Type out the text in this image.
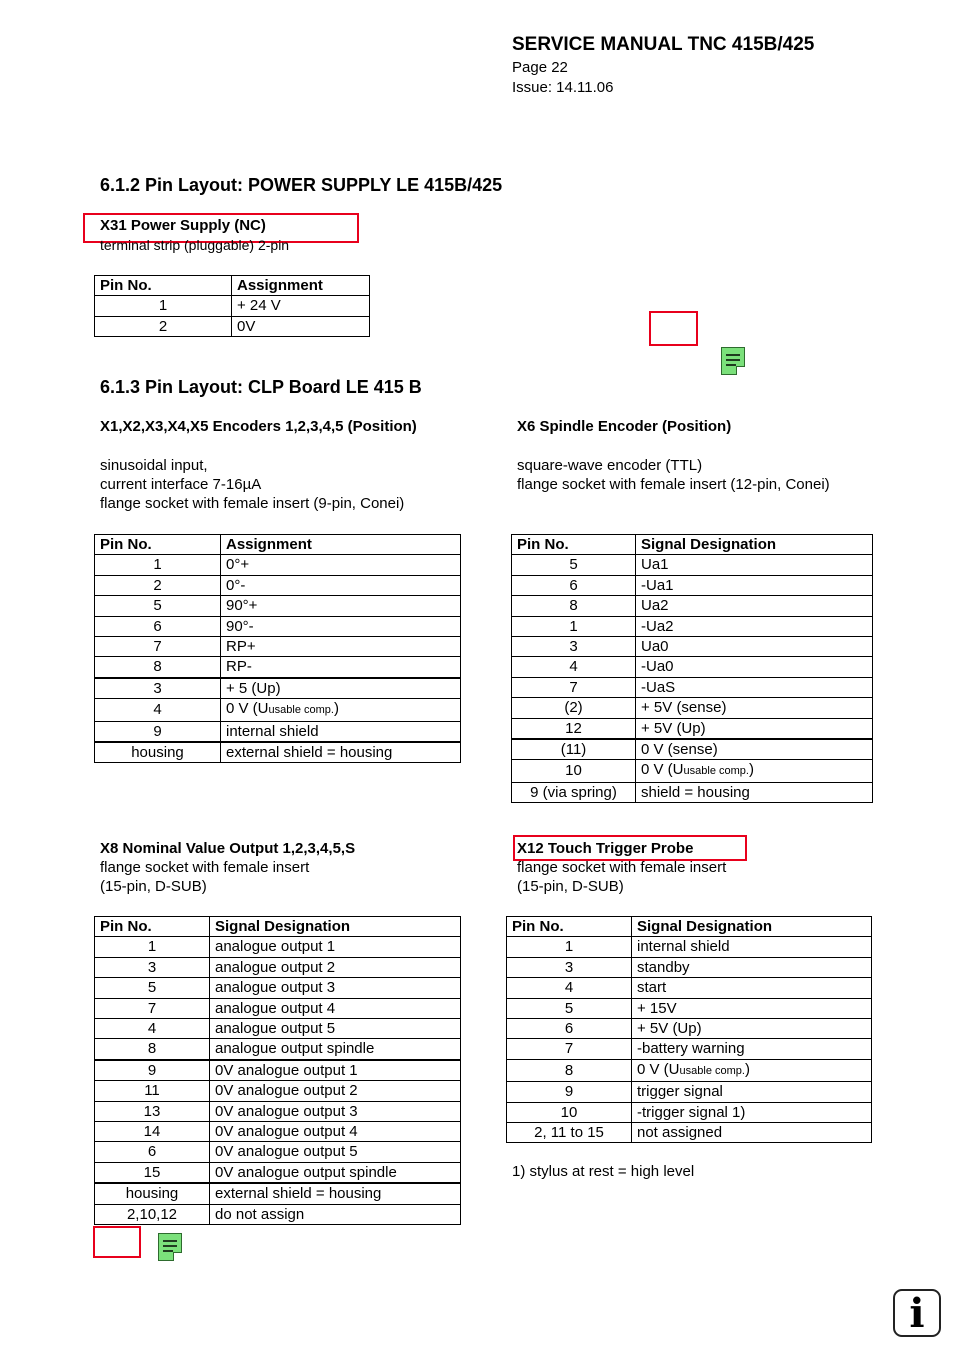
SERVICE MANUAL TNC 415B/425
Page 22
Issue: 14.11.06
6.1.2 Pin Layout: POWER SUPPLY LE 415B/425
X31 Power Supply (NC)
terminal strip (pluggable) 2-pin
Pin No.	Assignment
1	+ 24 V
2	0V
6.1.3 Pin Layout: CLP Board LE 415 B
X1,X2,X3,X4,X5 Encoders 1,2,3,4,5 (Position)
sinusoidal input,
current interface 7-16µA
flange socket with female insert (9-pin, Conei)
Pin No.	Assignment
1	0°+
2	0°-
5	90°+
6	90°-
7	RP+
8	RP-
3	+ 5 (Up)
4	0 V (Uusable comp.)
9	internal shield
housing	external shield = housing
X6 Spindle Encoder (Position)
square-wave encoder (TTL)
flange socket with female insert (12-pin, Conei)
Pin No.	Signal Designation
5	Ua1
6	-Ua1
8	Ua2
1	-Ua2
3	Ua0
4	-Ua0
7	-UaS
(2)	+ 5V (sense)
12	+ 5V (Up)
(11)	0 V (sense)
10	0 V (Uusable comp.)
9 (via spring)	shield = housing
X8 Nominal Value Output 1,2,3,4,5,S
flange socket with female insert
(15-pin, D-SUB)
Pin No.	Signal Designation
1	analogue output 1
3	analogue output 2
5	analogue output 3
7	analogue output 4
4	analogue output 5
8	analogue output spindle
9	0V analogue output 1
11	0V analogue output 2
13	0V analogue output 3
14	0V analogue output 4
6	0V analogue output 5
15	0V analogue output spindle
housing	external shield = housing
2,10,12	do not assign
X12 Touch Trigger Probe
flange socket with female insert
(15-pin, D-SUB)
Pin No.	Signal Designation
1	internal shield
3	standby
4	start
5	+ 15V
6	+ 5V (Up)
7	-battery warning
8	0 V (Uusable comp.)
9	trigger signal
10	-trigger signal 1)
2, 11 to 15	not assigned
1) stylus at rest = high level
i
